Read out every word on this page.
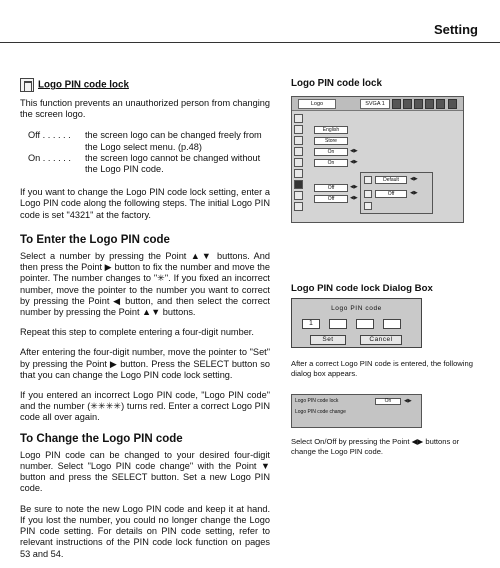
Setting
Logo PIN code lock

This function prevents an unauthorized person from changing the screen logo.

Off . . . . . .	the screen logo can be changed freely from the Logo select menu. (p.48)
On . . . . . .	the screen logo cannot be changed without the Logo PIN code.

If you want to change the Logo PIN code lock setting, enter a Logo PIN code along the following steps. The initial Logo PIN code is set "4321" at the factory.

To Enter the Logo PIN code

Select a number by pressing the Point ▲▼ buttons. And then press the Point ▶ button to fix the number and move the pointer. The number changes to "✳". If you fixed an incorrect number, move the pointer to the number you want to correct by pressing the Point ◀ button, and then select the correct number by pressing the Point ▲▼ buttons.

Repeat this step to complete entering a four-digit number.

After entering the four-digit number, move the pointer to "Set" by pressing the Point ▶ button. Press the SELECT button so that you can change the Logo PIN code lock setting.

If you entered an incorrect Logo PIN code, "Logo PIN code" and the number (✳✳✳✳) turns red. Enter a correct Logo PIN code all over again.

To Change the Logo PIN code

Logo PIN code can be changed to your desired four-digit number. Select "Logo PIN code change" with the Point ▼ button and press the SELECT button. Set a new Logo PIN code.

Be sure to note the new Logo PIN code and keep it at hand. If you lost the number, you could no longer change the Logo PIN code setting. For details on PIN code setting, refer to relevant instructions of the PIN code lock function on pages 53 and 54.

Logo PIN code lock
Logo	SVGA 1
English
Store
On
On
◀▶
◀▶
Off
Off
◀▶
◀▶
Default	◀▶
Off	◀▶
Logo PIN code lock Dialog Box
Logo PIN code
1
Set	Cancel
After a correct Logo PIN code is entered, the following dialog box appears.
Logo PIN code lock	On	◀▶
Logo PIN code change
Select On/Off by pressing the Point ◀▶ buttons or change the Logo PIN code.
